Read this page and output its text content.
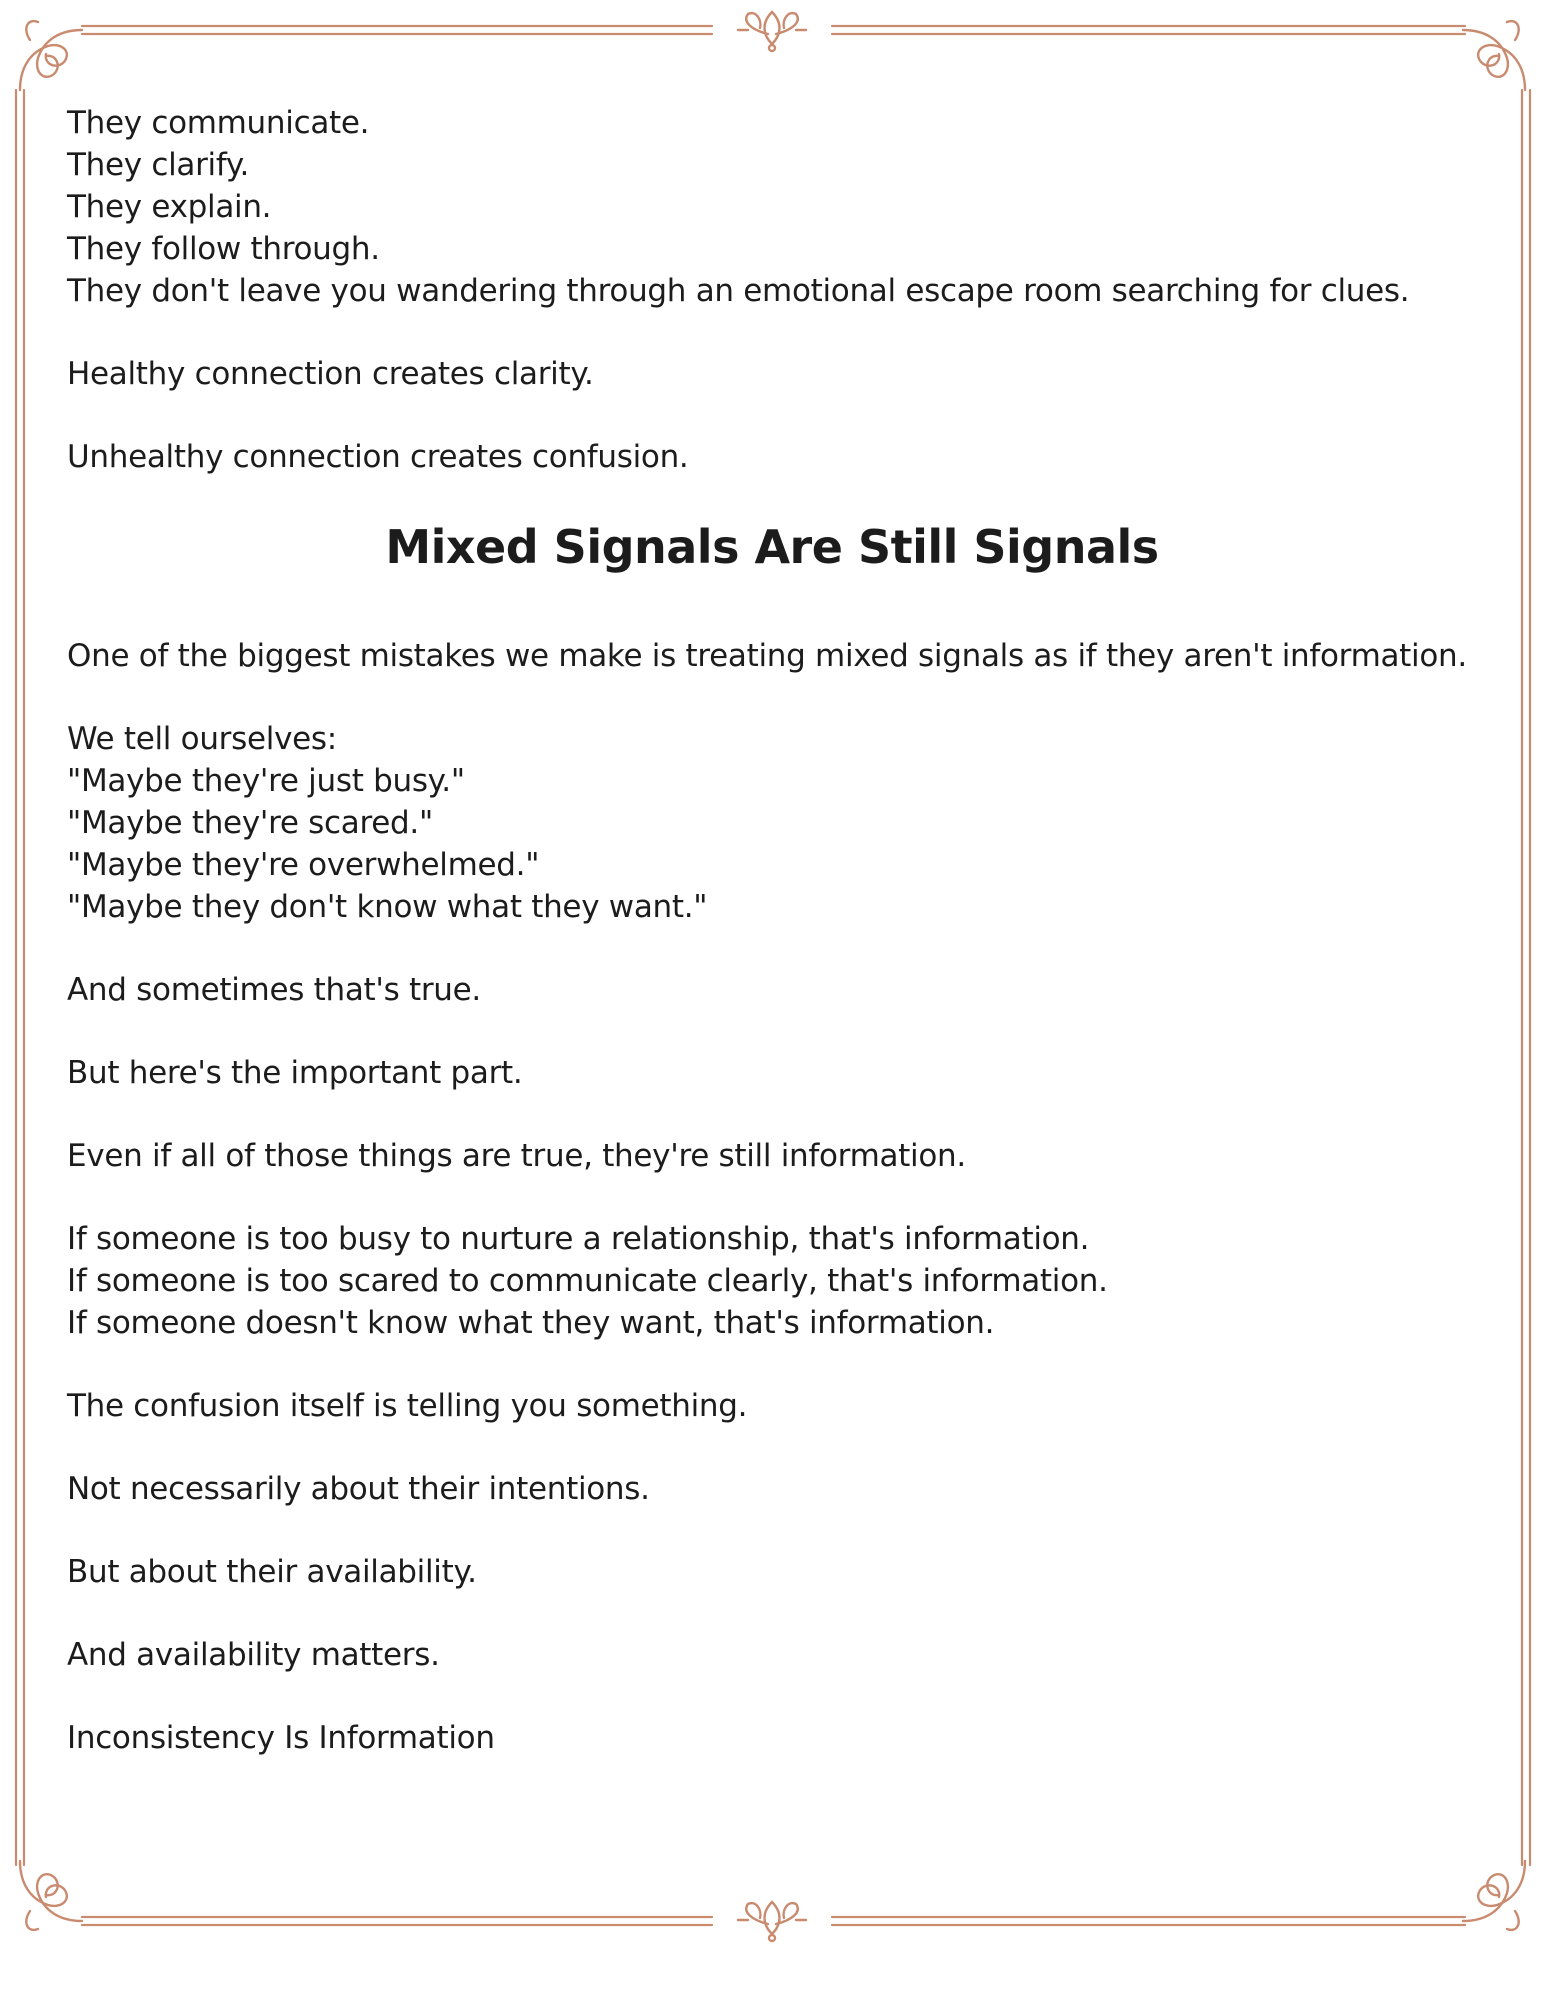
They communicate.
They clarify.
They explain.
They follow through.
They don't leave you wandering through an emotional escape room searching for clues.
Healthy connection creates clarity.
Unhealthy connection creates confusion.
Mixed Signals Are Still Signals
One of the biggest mistakes we make is treating mixed signals as if they aren't information.
We tell ourselves:
"Maybe they're just busy."
"Maybe they're scared."
"Maybe they're overwhelmed."
"Maybe they don't know what they want."
And sometimes that's true.
But here's the important part.
Even if all of those things are true, they're still information.
If someone is too busy to nurture a relationship, that's information.
If someone is too scared to communicate clearly, that's information.
If someone doesn't know what they want, that's information.
The confusion itself is telling you something.
Not necessarily about their intentions.
But about their availability.
And availability matters.
Inconsistency Is Information
